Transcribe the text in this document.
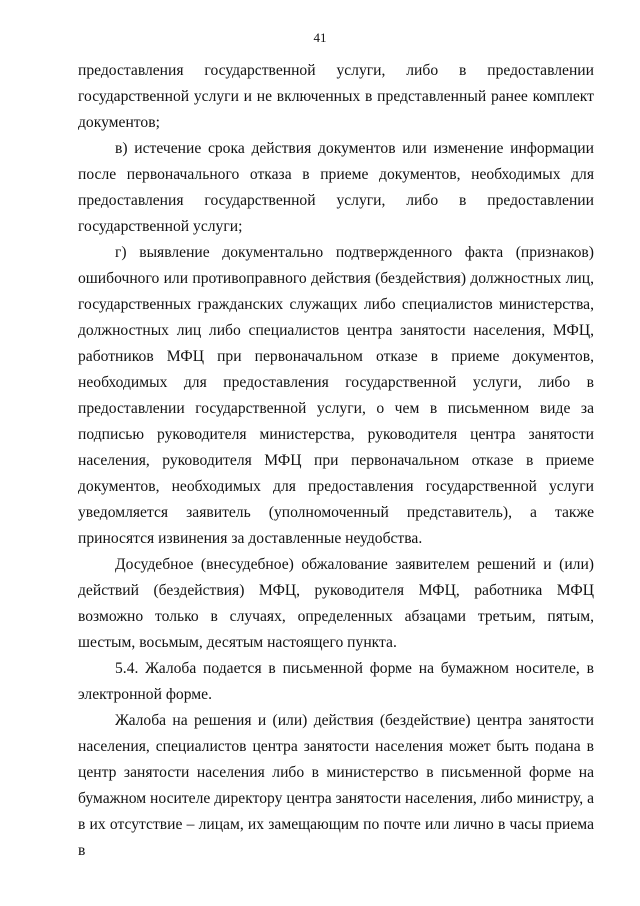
41

предоставления государственной услуги, либо в предоставлении государственной услуги и не включенных в представленный ранее комплект документов;

в) истечение срока действия документов или изменение информации после первоначального отказа в приеме документов, необходимых для предоставления государственной услуги, либо в предоставлении государственной услуги;

г) выявление документально подтвержденного факта (признаков) ошибочного или противоправного действия (бездействия) должностных лиц, государственных гражданских служащих либо специалистов министерства, должностных лиц либо специалистов центра занятости населения, МФЦ, работников МФЦ при первоначальном отказе в приеме документов, необходимых для предоставления государственной услуги, либо в предоставлении государственной услуги, о чем в письменном виде за подписью руководителя министерства, руководителя центра занятости населения, руководителя МФЦ при первоначальном отказе в приеме документов, необходимых для предоставления государственной услуги уведомляется заявитель (уполномоченный представитель), а также приносятся извинения за доставленные неудобства.

Досудебное (внесудебное) обжалование заявителем решений и (или) действий (бездействия) МФЦ, руководителя МФЦ, работника МФЦ возможно только в случаях, определенных абзацами третьим, пятым, шестым, восьмым, десятым настоящего пункта.

5.4. Жалоба подается в письменной форме на бумажном носителе, в электронной форме.

Жалоба на решения и (или) действия (бездействие) центра занятости населения, специалистов центра занятости населения может быть подана в центр занятости населения либо в министерство в письменной форме на бумажном носителе директору центра занятости населения, либо министру, а в их отсутствие – лицам, их замещающим по почте или лично в часы приема в
